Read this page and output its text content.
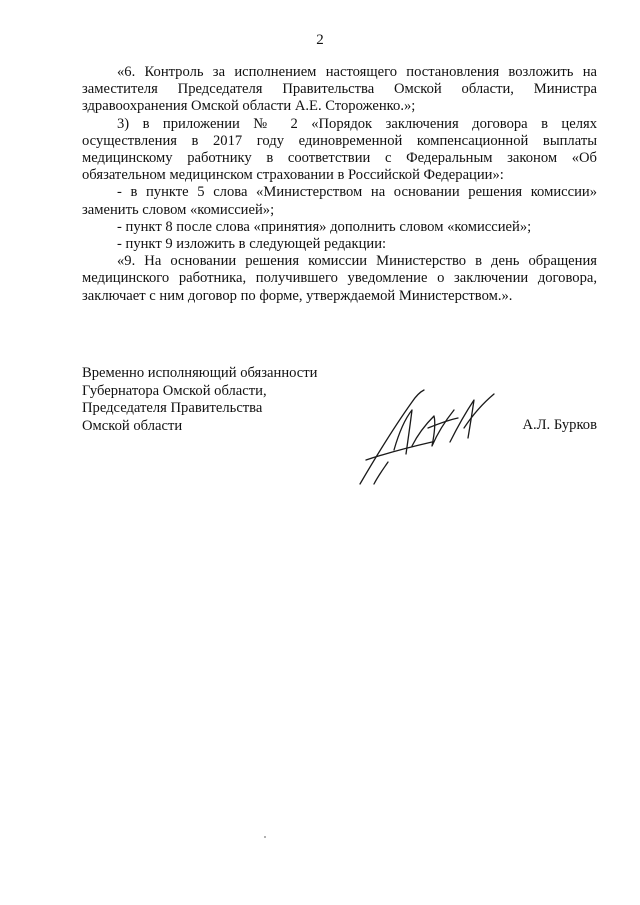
2

«6. Контроль за исполнением настоящего постановления возложить на заместителя Председателя Правительства Омской области, Министра здравоохранения Омской области А.Е. Стороженко.»;

3) в приложении № 2 «Порядок заключения договора в целях осуществления в 2017 году единовременной компенсационной выплаты медицинскому работнику в соответствии с Федеральным законом «Об обязательном медицинском страховании в Российской Федерации»:

- в пункте 5 слова «Министерством на основании решения комиссии» заменить словом «комиссией»;

- пункт 8 после слова «принятия» дополнить словом «комиссией»;

- пункт 9 изложить в следующей редакции:

«9. На основании решения комиссии Министерство в день обращения медицинского работника, получившего уведомление о заключении договора, заключает с ним договор по форме, утверждаемой Министерством.».

Временно исполняющий обязанности
Губернатора Омской области,
Председателя Правительства
Омской области	А.Л. Бурков
